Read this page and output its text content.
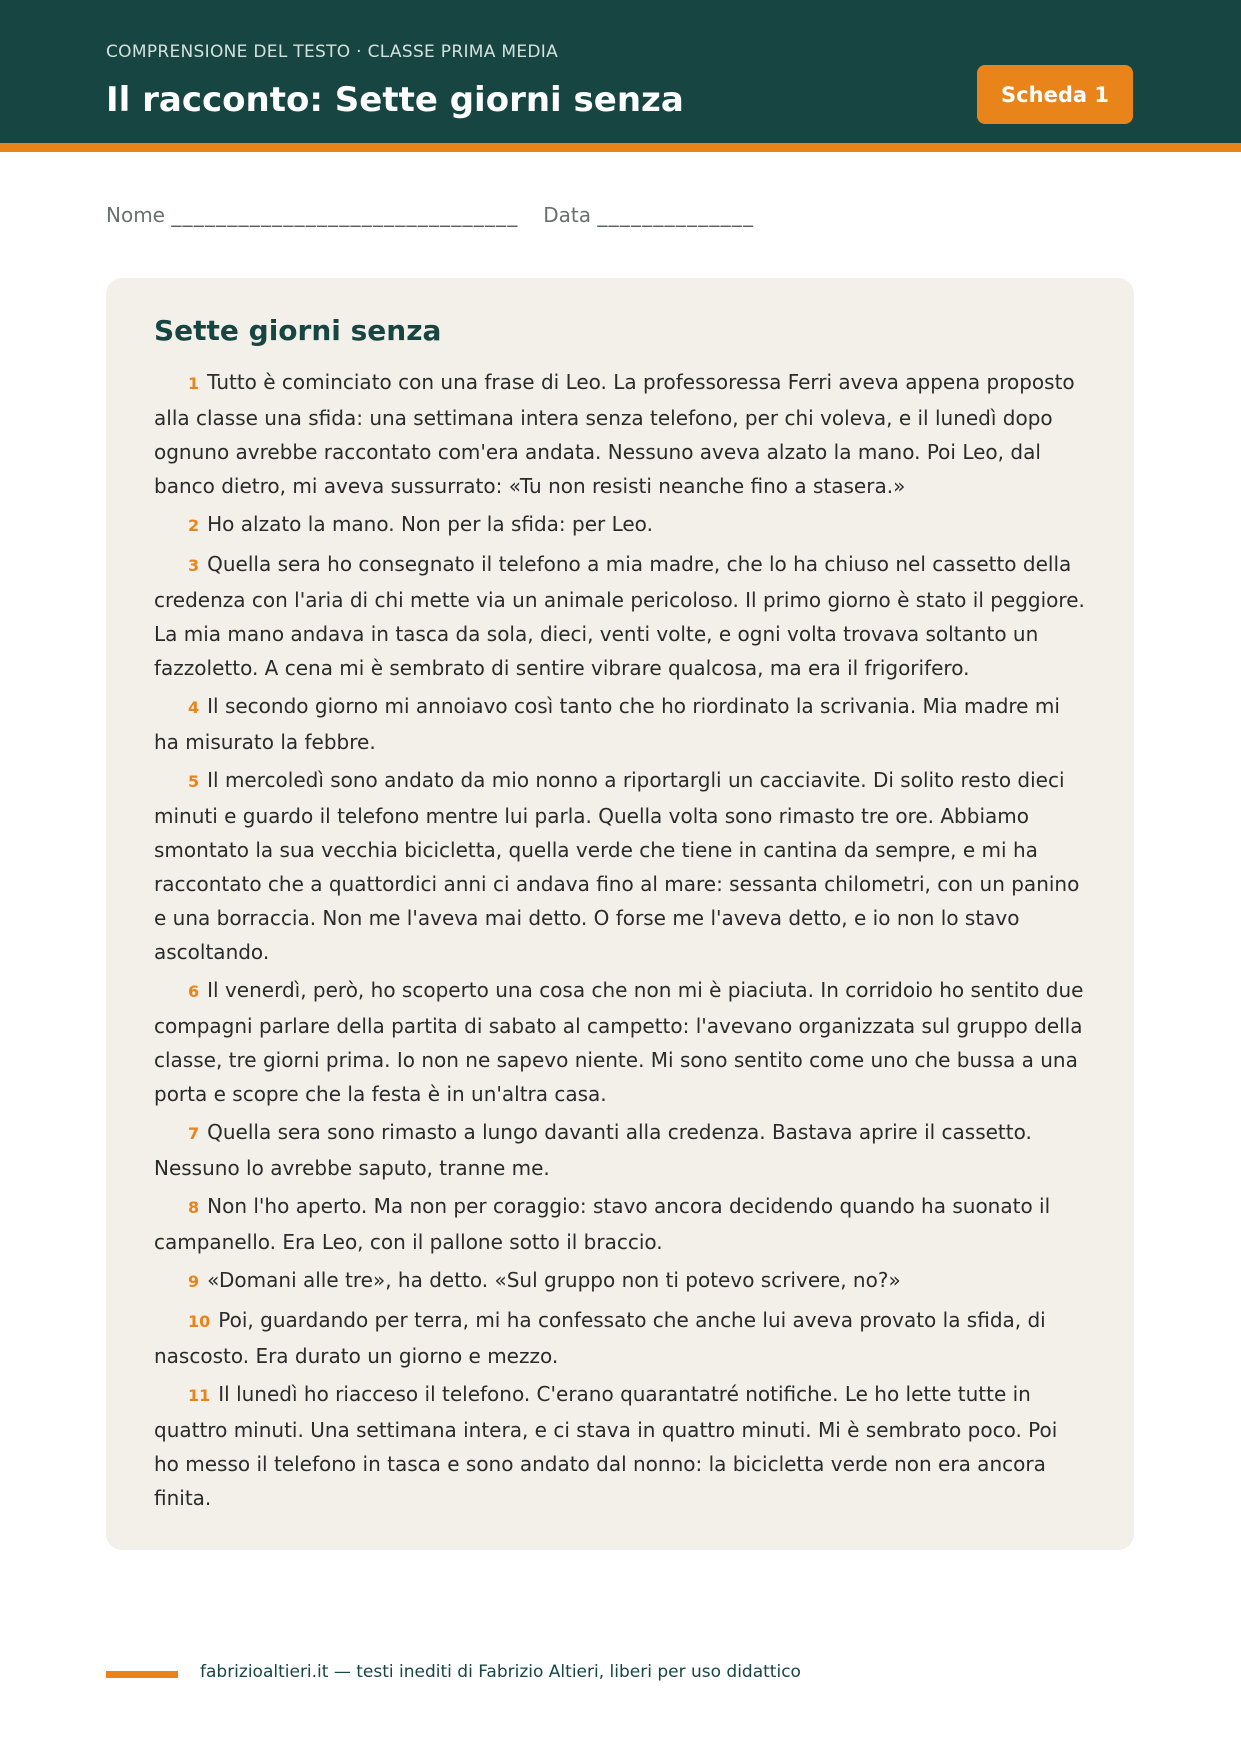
COMPRENSIONE DEL TESTO · CLASSE PRIMA MEDIA
Il racconto: Sette giorni senza	Scheda 1
Nome _______________________________ Data ______________
Sette giorni senza

1 Tutto è cominciato con una frase di Leo. La professoressa Ferri aveva appena proposto alla classe una sfida: una settimana intera senza telefono, per chi voleva, e il lunedì dopo ognuno avrebbe raccontato com'era andata. Nessuno aveva alzato la mano. Poi Leo, dal banco dietro, mi aveva sussurrato: «Tu non resisti neanche fino a stasera.»

2 Ho alzato la mano. Non per la sfida: per Leo.

3 Quella sera ho consegnato il telefono a mia madre, che lo ha chiuso nel cassetto della credenza con l'aria di chi mette via un animale pericoloso. Il primo giorno è stato il peggiore. La mia mano andava in tasca da sola, dieci, venti volte, e ogni volta trovava soltanto un fazzoletto. A cena mi è sembrato di sentire vibrare qualcosa, ma era il frigorifero.

4 Il secondo giorno mi annoiavo così tanto che ho riordinato la scrivania. Mia madre mi ha misurato la febbre.

5 Il mercoledì sono andato da mio nonno a riportargli un cacciavite. Di solito resto dieci minuti e guardo il telefono mentre lui parla. Quella volta sono rimasto tre ore. Abbiamo smontato la sua vecchia bicicletta, quella verde che tiene in cantina da sempre, e mi ha raccontato che a quattordici anni ci andava fino al mare: sessanta chilometri, con un panino e una borraccia. Non me l'aveva mai detto. O forse me l'aveva detto, e io non lo stavo ascoltando.

6 Il venerdì, però, ho scoperto una cosa che non mi è piaciuta. In corridoio ho sentito due compagni parlare della partita di sabato al campetto: l'avevano organizzata sul gruppo della classe, tre giorni prima. Io non ne sapevo niente. Mi sono sentito come uno che bussa a una porta e scopre che la festa è in un'altra casa.

7 Quella sera sono rimasto a lungo davanti alla credenza. Bastava aprire il cassetto. Nessuno lo avrebbe saputo, tranne me.

8 Non l'ho aperto. Ma non per coraggio: stavo ancora decidendo quando ha suonato il campanello. Era Leo, con il pallone sotto il braccio.

9 «Domani alle tre», ha detto. «Sul gruppo non ti potevo scrivere, no?»

10 Poi, guardando per terra, mi ha confessato che anche lui aveva provato la sfida, di nascosto. Era durato un giorno e mezzo.

11 Il lunedì ho riacceso il telefono. C'erano quarantatré notifiche. Le ho lette tutte in quattro minuti. Una settimana intera, e ci stava in quattro minuti. Mi è sembrato poco. Poi ho messo il telefono in tasca e sono andato dal nonno: la bicicletta verde non era ancora finita.

fabrizioaltieri.it — testi inediti di Fabrizio Altieri, liberi per uso didattico
